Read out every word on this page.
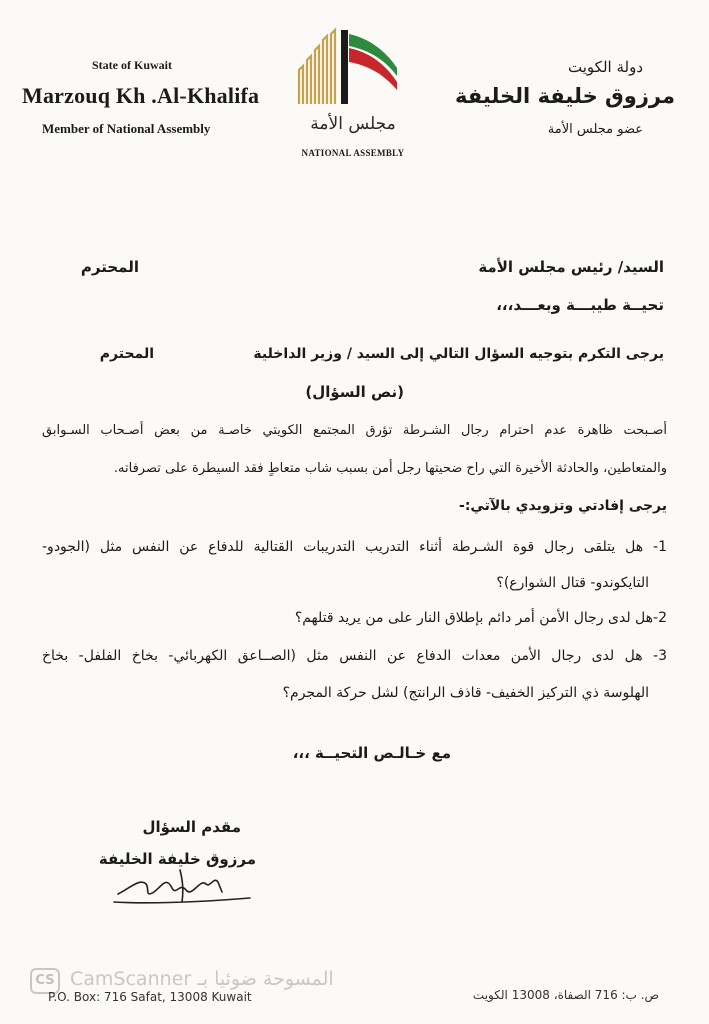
State of Kuwait
Marzouq Kh .Al-Khalifa
Member of National Assembly
دولة الكويت
مرزوق خليفة الخليفة
عضو مجلس الأمة
مجلس الأمة
NATIONAL ASSEMBLY
السيد/ رئيس مجلس الأمة
المحترم
تحيــة طيبـــة وبعـــد،،،
يرجى التكرم بتوجيه السؤال التالي إلى السيد / وزير الداخلية
المحترم
(نص السؤال)
أصـبحت ظاهرة عدم احترام رجال الشـرطة تؤرق المجتمع الكويتي خاصـة من بعض أصـحاب السـوابق
والمتعاطين، والحادثة الأخيرة التي راح ضحيتها رجل أمن بسبب شاب متعاطٍ فقد السيطرة على تصرفاته.
يرجى إفادتي وتزويدي بالآتي:-
1- هل يتلقى رجال قوة الشـرطة أثناء التدريب التدريبات القتالية للدفاع عن النفس مثل (الجودو-
التايكوندو- قتال الشوارع)؟
2-هل لدى رجال الأمن أمر دائم بإطلاق النار على من يريد قتلهم؟
3- هل لدى رجال الأمن معدات الدفاع عن النفس مثل (الصــاعق الكهربائي- بخاخ الفلفل- بخاخ
الهلوسة ذي التركيز الخفيف- قاذف الرانتج) لشل حركة المجرم؟
مع خـالـص التحيــة ،،،
مقدم السؤال
مرزوق خليفة الخليفة
CS CamScanner المسوحة ضوئيا بـ
P.O. Box: 716 Safat, 13008 Kuwait	ص. ب: 716 الصفاة، 13008 الكويت
